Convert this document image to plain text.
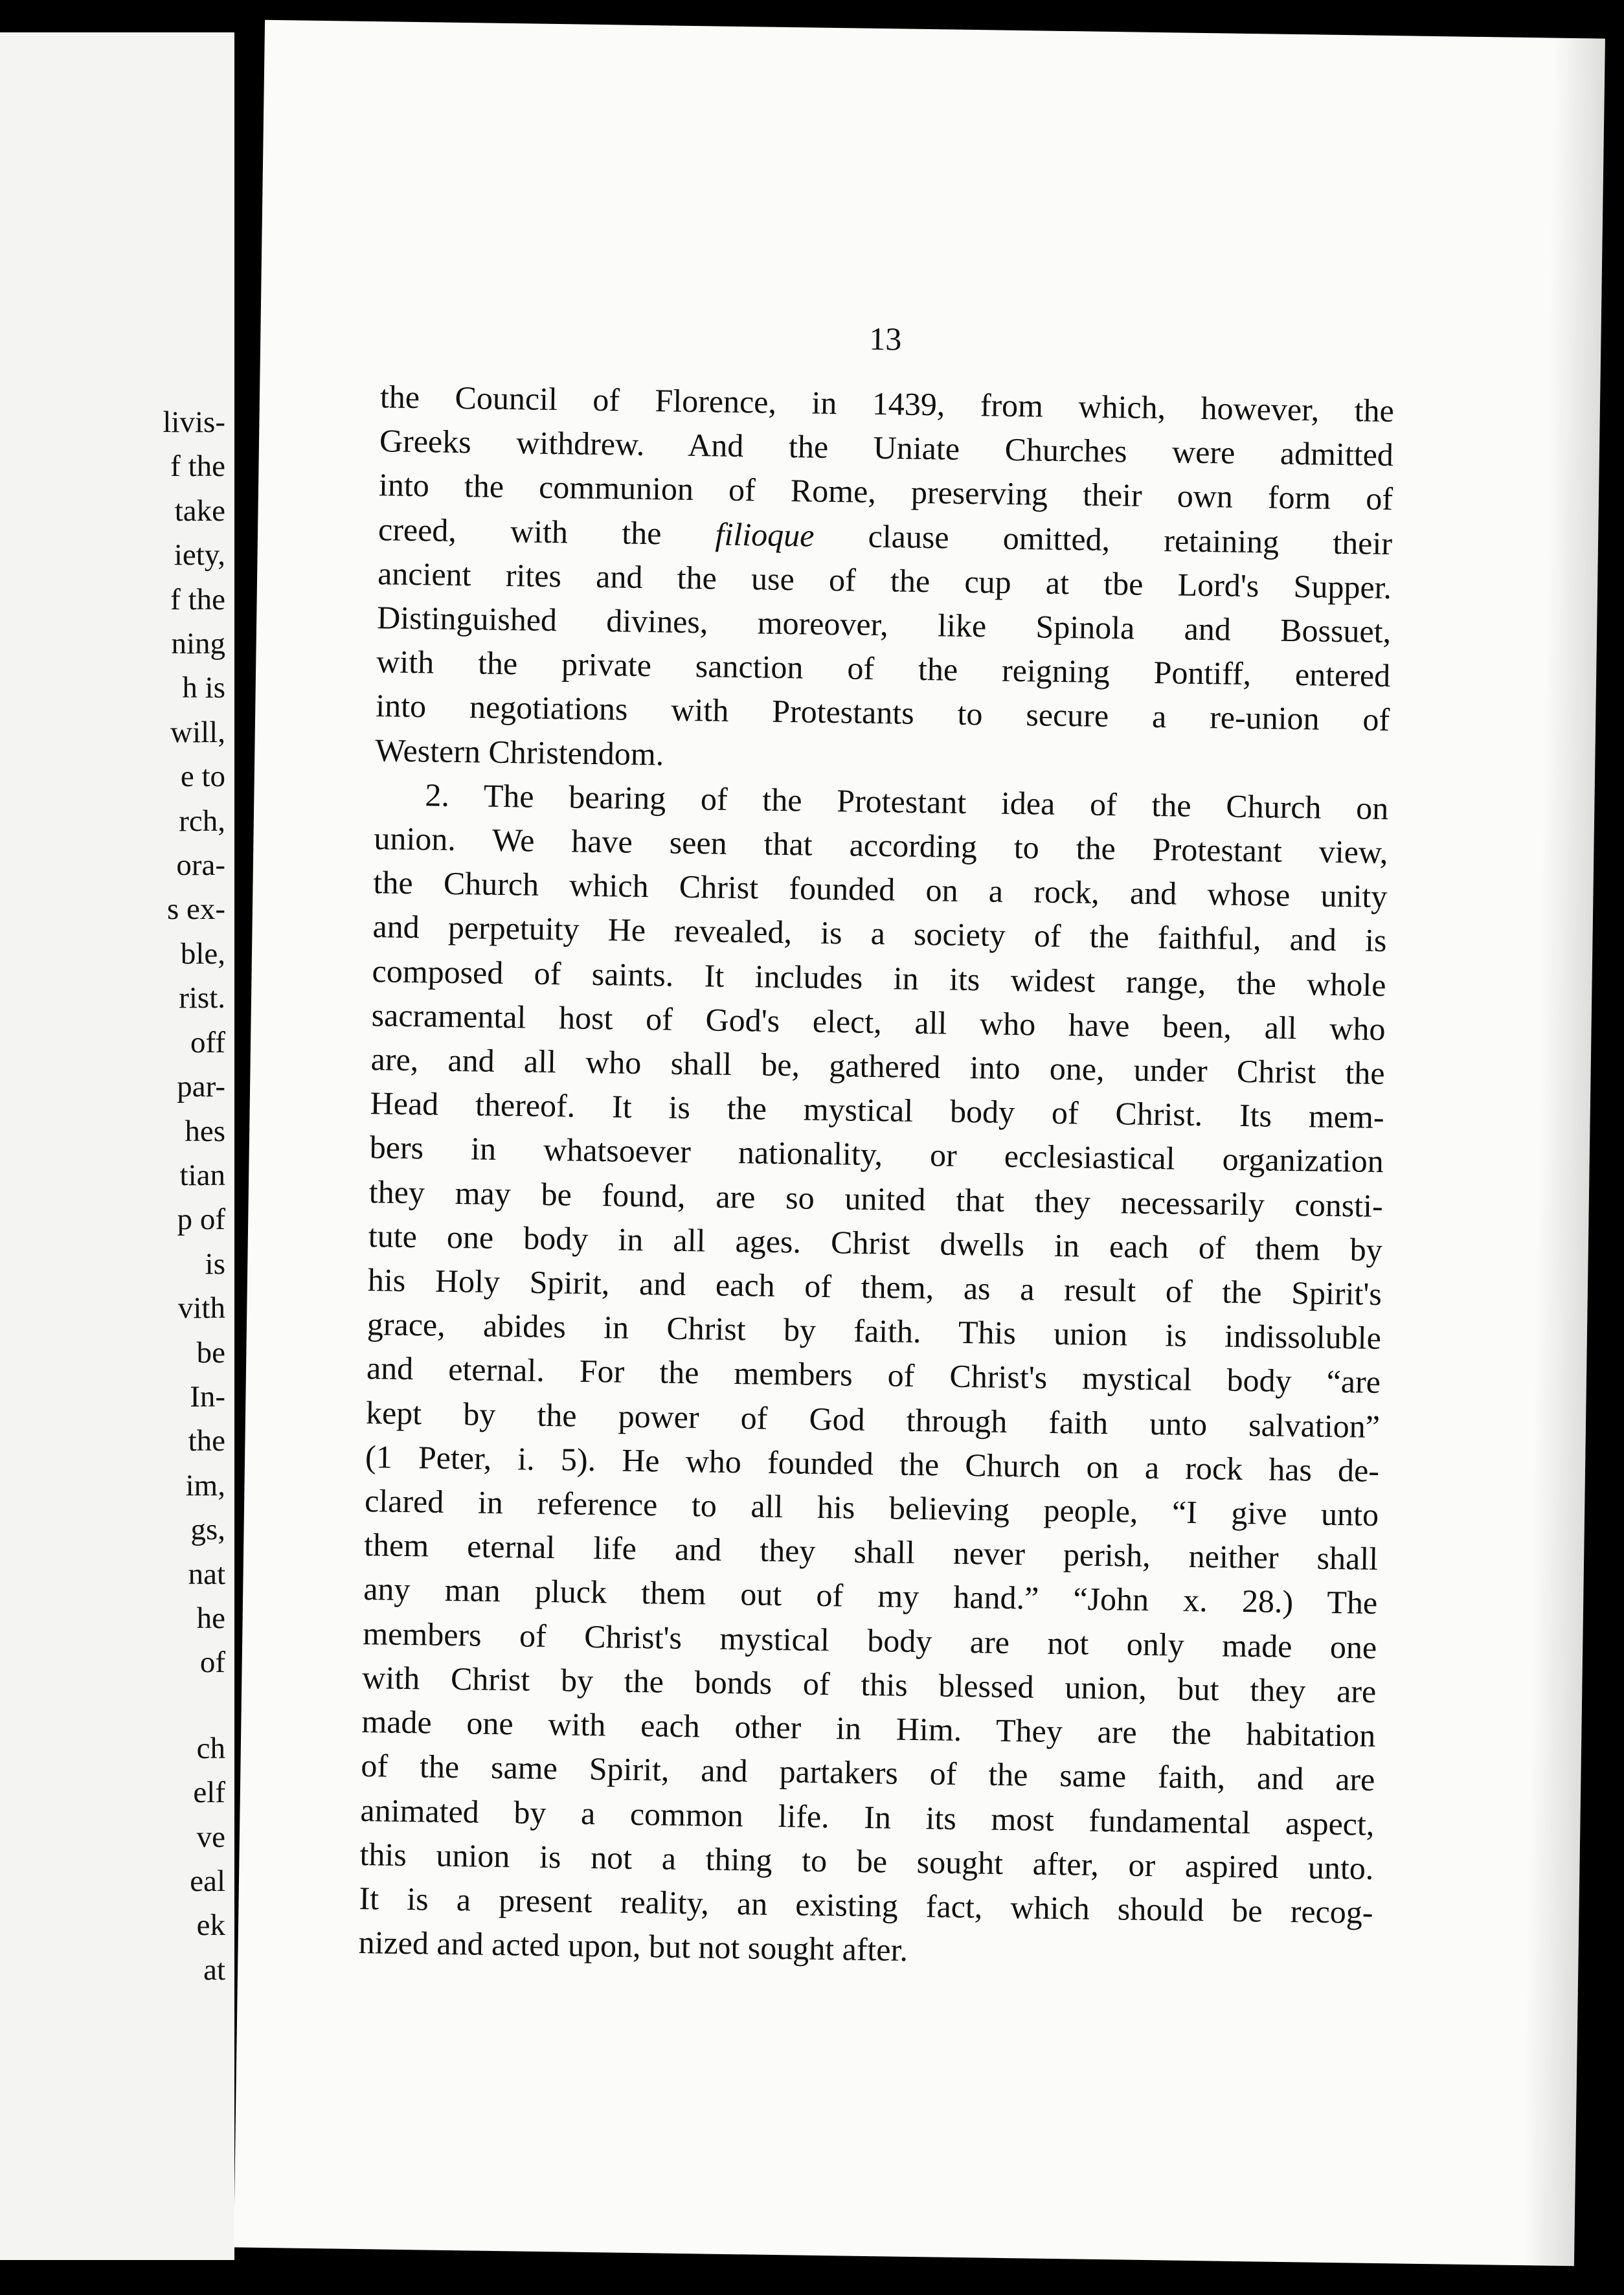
livis-
f the
take
iety,
f the
ning
h is
will,
e to
rch,
ora-
s ex-
ble,
rist.
off
par-
hes
tian
p of
is
vith
be
In-
the
im,
gs,
nat
he
of
ch
elf
ve
eal
ek
at
13

the Council of Florence, in 1439, from which, however, the
Greeks withdrew. And the Uniate Churches were admitted
into the communion of Rome, preserving their own form of
creed, with the filioque clause omitted, retaining their
ancient rites and the use of the cup at tbe Lord's Supper.
Distinguished divines, moreover, like Spinola and Bossuet,
with the private sanction of the reigning Pontiff, entered
into negotiations with Protestants to secure a re-union of
Western Christendom.

2. The bearing of the Protestant idea of the Church on
union. We have seen that according to the Protestant view,
the Church which Christ founded on a rock, and whose unity
and perpetuity He revealed, is a society of the faithful, and is
composed of saints. It includes in its widest range, the whole
sacramental host of God's elect, all who have been, all who
are, and all who shall be, gathered into one, under Christ the
Head thereof. It is the mystical body of Christ. Its mem-
bers in whatsoever nationality, or ecclesiastical organization
they may be found, are so united that they necessarily consti-
tute one body in all ages. Christ dwells in each of them by
his Holy Spirit, and each of them, as a result of the Spirit's
grace, abides in Christ by faith. This union is indissoluble
and eternal. For the members of Christ's mystical body “are
kept by the power of God through faith unto salvation”
(1 Peter, i. 5). He who founded the Church on a rock has de-
clared in reference to all his believing people, “I give unto
them eternal life and they shall never perish, neither shall
any man pluck them out of my hand.” “John x. 28.) The
members of Christ's mystical body are not only made one
with Christ by the bonds of this blessed union, but they are
made one with each other in Him. They are the habitation
of the same Spirit, and partakers of the same faith, and are
animated by a common life. In its most fundamental aspect,
this union is not a thing to be sought after, or aspired unto.
It is a present reality, an existing fact, which should be recog-
nized and acted upon, but not sought after.
